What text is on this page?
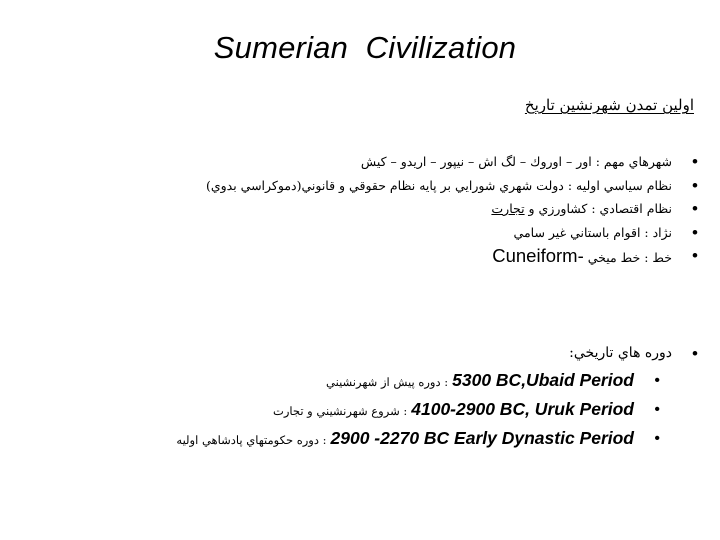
Sumerian  Civilization
اولين تمدن شهرنشين تاريخ
•
شهرهاي مهم : اور – اوروك – لگ اش – نيپور – اريدو – كيش
•
نظام سياسي اوليه : دولت شهري شورايي بر پايه نظام حقوقي و قانوني(دموكراسي بدوي)
•
نظام اقتصادي : كشاورزي و تجارت
•
نژاد : اقوام باستاني غير سامي
•
خط : خط ميخي Cuneiform-
•
دوره هاي تاريخي:
•
5300 BC,Ubaid Period : دوره پيش از شهرنشيني
•
4100-2900 BC, Uruk Period : شروع شهرنشيني و تجارت
•
2900 -2270 BC Early Dynastic Period : دوره حكومتهاي پادشاهي اوليه
